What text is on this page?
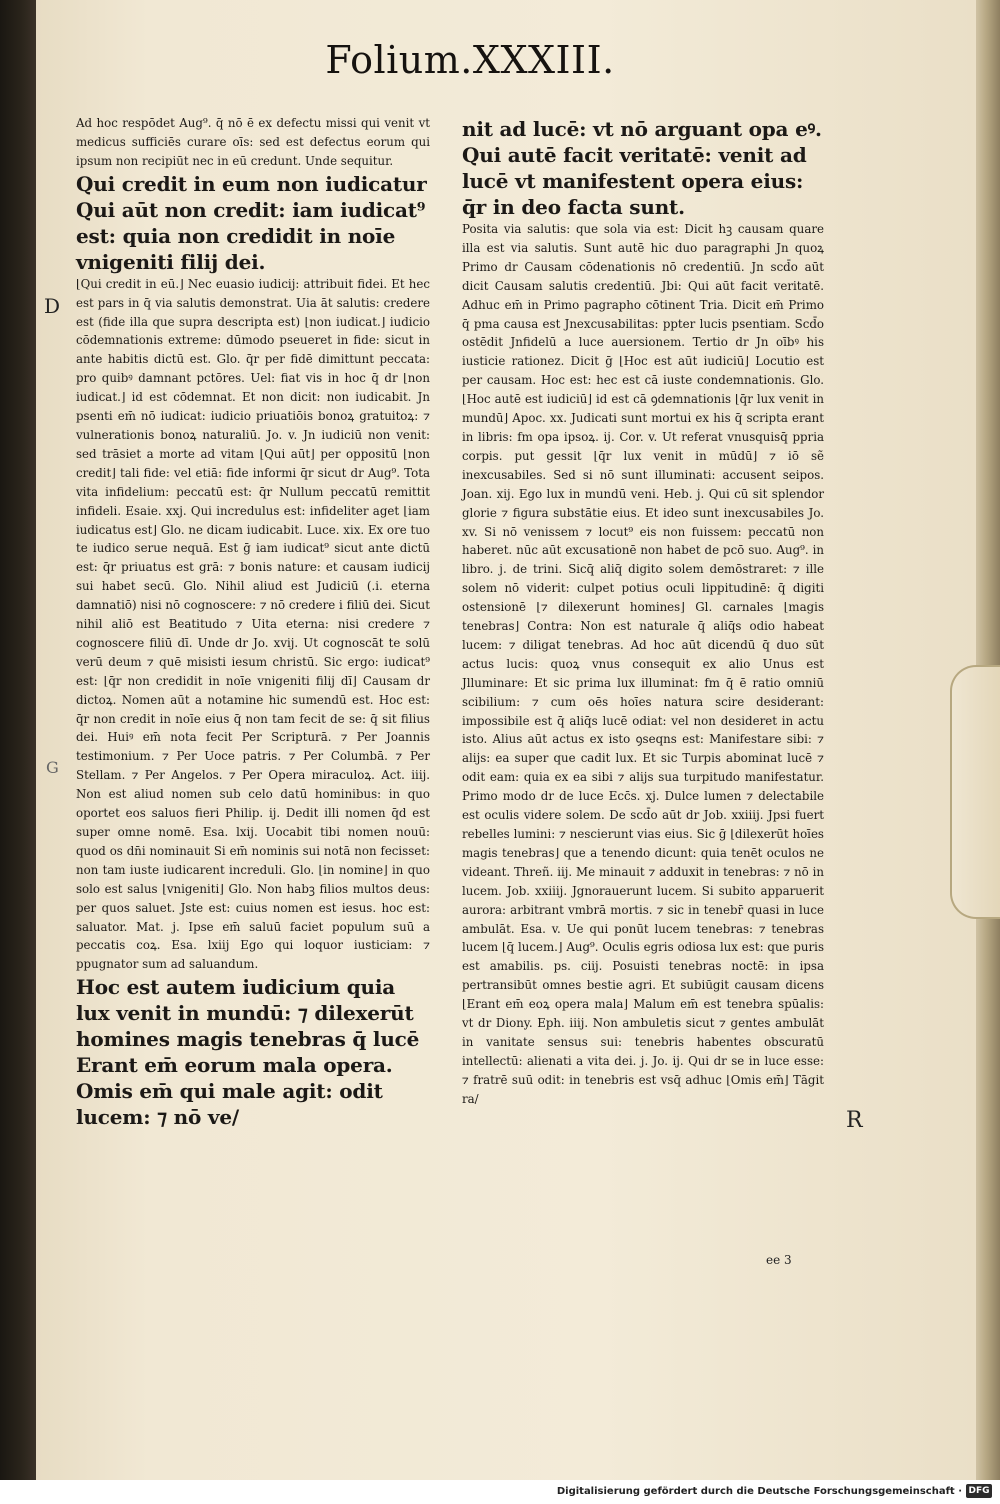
Folium.XXXIII.
D
G
R

Ad hoc respōdet Aug⁹. q̄ nō ē ex defectu missi qui venit vt medicus sufficiēs curare oīs: sed est defectus eorum qui ipsum non recipiūt nec in eū credunt. Unde sequitur.

Qui credit in eum non iudicatur Qui aūt non credit: iam iudicat⁹ est: quia non credidit in noīe vnigeniti filij dei.

⌊Qui credit in eū.⌋ Nec euasio iudicij: attribuit fidei. Et hec est pars in q̄ via salutis demonstrat. Uia āt salutis: credere est (fide illa que supra descripta est) ⌊non iudicat.⌋ iudicio cōdemnationis extreme: dūmodo pseueret in fide: sicut in ante habitis dictū est. Glo. q̄r per fidē dimittunt peccata: pro quibꝰ damnant pctōres. Uel: fiat vis in hoc q̄ dr ⌊non iudicat.⌋ id est cōdemnat. Et non dicit: non iudicabit. Jn psenti em̄ nō iudicat: iudicio priuatiōis bonoꝝ gratuitoꝝ: ⁊ vulnerationis bonoꝝ naturaliū. Jo. v. Jn iudiciū non venit: sed trāsiet a morte ad vitam ⌊Qui aūt⌋ per oppositū ⌊non credit⌋ tali fide: vel etiā: fide informi q̄r sicut dr Aug⁹. Tota vita infidelium: peccatū est: q̄r Nullum peccatū remittit infideli. Esaie. xxj. Qui incredulus est: infideliter aget ⌊iam iudicatus est⌋ Glo. ne dicam iudicabit. Luce. xix. Ex ore tuo te iudico serue nequā. Est ḡ iam iudicat⁹ sicut ante dictū est: q̄r priuatus est grā: ⁊ bonis nature: et causam iudicij sui habet secū. Glo. Nihil aliud est Judiciū (.i. eterna damnatiō) nisi nō cognoscere: ⁊ nō credere i filiū dei. Sicut nihil aliō est Beatitudo ⁊ Uita eterna: nisi credere ⁊ cognoscere filiū dī. Unde dr Jo. xvij. Ut cognoscāt te solū verū deum ⁊ quē misisti iesum christū. Sic ergo: iudicat⁹ est: ⌊q̄r non credidit in noīe vnigeniti filij dī⌋ Causam dr dictoꝝ. Nomen aūt a notamine hic sumendū est. Hoc est: q̄r non credit in noīe eius q̄ non tam fecit de se: q̄ sit filius dei. Huiꝰ em̄ nota fecit Per Scripturā. ⁊ Per Joannis testimonium. ⁊ Per Uoce patris. ⁊ Per Columbā. ⁊ Per Stellam. ⁊ Per Angelos. ⁊ Per Opera miraculoꝝ. Act. iiij. Non est aliud nomen sub celo datū hominibus: in quo oportet eos saluos fieri Philip. ij. Dedit illi nomen q̄d est super omne nomē. Esa. lxij. Uocabit tibi nomen nouū: quod os dn̄i nominauit Si em̄ nominis sui notā non fecisset: non tam iuste iudicarent increduli. Glo. ⌊in nomine⌋ in quo solo est salus ⌊vnigeniti⌋ Glo. Non habꝫ filios multos deus: per quos saluet. Jste est: cuius nomen est iesus. hoc est: saluator. Mat. j. Ipse em̄ saluū faciet populum suū a peccatis coꝝ. Esa. lxiij Ego qui loquor iusticiam: ⁊ ppugnator sum ad saluandum.

Hoc est autem iudicium quia lux venit in mundū: ⁊ dilexerūt homines magis tenebras q̄ lucē Erant em̄ eorum mala opera. Omis em̄ qui male agit: odit lucem: ⁊ nō ve/

nit ad lucē: vt nō arguant opa eꝰ. Qui autē facit veritatē: venit ad lucē vt manifestent opera eius: q̄r in deo facta sunt.

Posita via salutis: que sola via est: Dicit hꝫ causam quare illa est via salutis. Sunt autē hic duo paragraphi Jn quoꝝ Primo dr Causam cōdenationis nō credentiū. Jn scd̄o aūt dicit Causam salutis credentiū. Jbi: Qui aūt facit veritatē. Adhuc em̄ in Primo pagrapho cōtinent Tria. Dicit em̄ Primo q̄ pma causa est Jnexcusabilitas: ppter lucis psentiam. Scd̄o ostēdit Jnfidelū a luce auersionem. Tertio dr Jn oībꝰ his iusticie rationez. Dicit ḡ ⌊Hoc est aūt iudiciū⌋ Locutio est per causam. Hoc est: hec est cā iuste condemnationis. Glo. ⌊Hoc autē est iudiciū⌋ id est cā ꝯdemnationis ⌊q̄r lux venit in mundū⌋ Apoc. xx. Judicati sunt mortui ex his q̄ scripta erant in libris: fm opa ipsoꝝ. ij. Cor. v. Ut referat vnusquisq̄ ppria corpis. put gessit ⌊q̄r lux venit in mūdū⌋ ⁊ iō sẽ inexcusabiles. Sed si nō sunt illuminati: accusent seipos. Joan. xij. Ego lux in mundū veni. Heb. j. Qui cū sit splendor glorie ⁊ figura substātie eius. Et ideo sunt inexcusabiles Jo. xv. Si nō venissem ⁊ locut⁹ eis non fuissem: peccatū non haberet. nūc aūt excusationē non habet de pcō suo. Aug⁹. in libro. j. de trini. Sicq̄ aliq̄ digito solem demōstraret: ⁊ ille solem nō viderit: culpet potius oculi lippitudinē: q̄ digiti ostensionē ⌊⁊ dilexerunt homines⌋ Gl. carnales ⌊magis tenebras⌋ Contra: Non est naturale q̄ aliq̄s odio habeat lucem: ⁊ diligat tenebras. Ad hoc aūt dicendū q̄ duo sūt actus lucis: quoꝝ vnus consequit ex alio Unus est Jlluminare: Et sic prima lux illuminat: fm q̄ ē ratio omniū scibilium: ⁊ cum oēs hoīes natura scire desiderant: impossibile est q̄ aliq̄s lucē odiat: vel non desideret in actu isto. Alius aūt actus ex isto ꝯseqns est: Manifestare sibi: ⁊ alijs: ea super que cadit lux. Et sic Turpis abominat lucē ⁊ odit eam: quia ex ea sibi ⁊ alijs sua turpitudo manifestatur. Primo modo dr de luce Ecc̄s. xj. Dulce lumen ⁊ delectabile est oculis videre solem. De scd̄o aūt dr Job. xxiiij. Jpsi fuert rebelles lumini: ⁊ nescierunt vias eius. Sic ḡ ⌊dilexerūt hoīes magis tenebras⌋ que a tenendo dicunt: quia tenēt oculos ne videant. Threñ. iij. Me minauit ⁊ adduxit in tenebras: ⁊ nō in lucem. Job. xxiiij. Jgnorauerunt lucem. Si subito apparuerit aurora: arbitrant vmbrā mortis. ⁊ sic in tenebr̄ quasi in luce ambulāt. Esa. v. Ue qui ponūt lucem tenebras: ⁊ tenebras lucem ⌊q̄ lucem.⌋ Aug⁹. Oculis egris odiosa lux est: que puris est amabilis. ps. ciij. Posuisti tenebras noctē: in ipsa pertransibūt omnes bestie agri. Et subiūgit causam dicens ⌊Erant em̄ eoꝝ opera mala⌋ Malum em̄ est tenebra spūalis: vt dr Diony. Eph. iiij. Non ambuletis sicut ⁊ gentes ambulāt in vanitate sensus sui: tenebris habentes obscuratū intellectū: alienati a vita dei. j. Jo. ij. Qui dr se in luce esse: ⁊ fratrē suū odit: in tenebris est vsq̄ adhuc ⌊Omis em̄⌋ Tāgit ra/

ee 3
Digitalisierung gefördert durch die Deutsche Forschungsgemeinschaft · DFG
